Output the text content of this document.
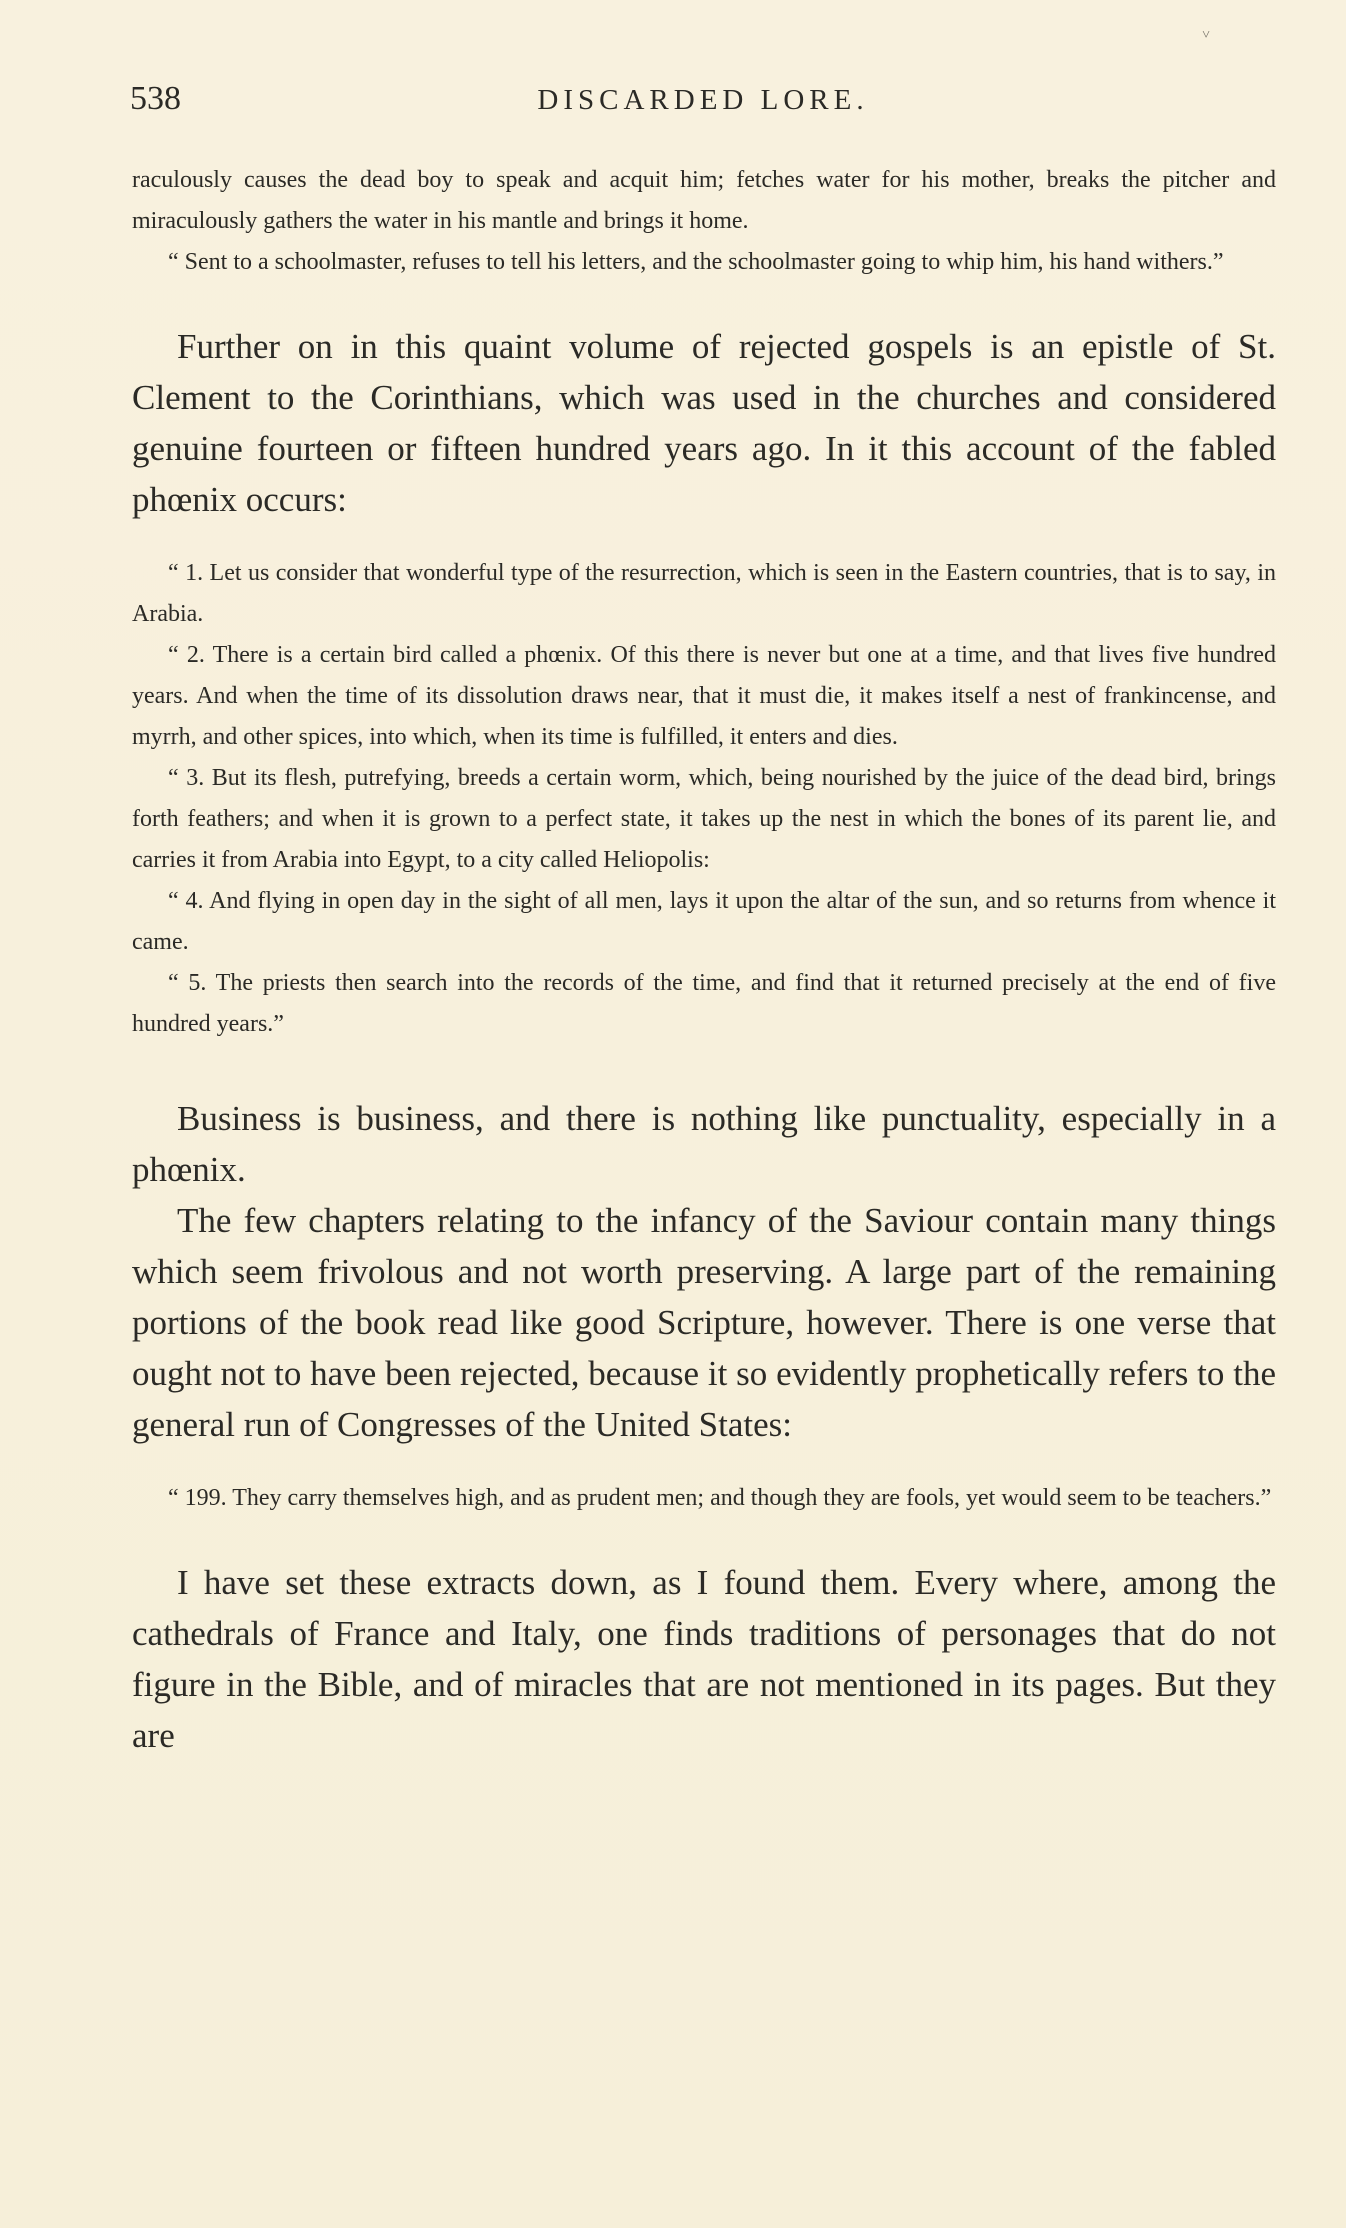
538	DISCARDED LORE.
˅

raculously causes the dead boy to speak and acquit him; fetches water for his mother, breaks the pitcher and miraculously gathers the water in his mantle and brings it home.

“ Sent to a schoolmaster, refuses to tell his letters, and the schoolmaster going to whip him, his hand withers.”

Further on in this quaint volume of rejected gospels is an epistle of St. Clement to the Corinthians, which was used in the churches and considered genuine fourteen or fifteen hundred years ago. In it this account of the fabled phœnix occurs:

“ 1. Let us consider that wonderful type of the resurrection, which is seen in the Eastern countries, that is to say, in Arabia.

“ 2. There is a certain bird called a phœnix. Of this there is never but one at a time, and that lives five hundred years. And when the time of its dissolution draws near, that it must die, it makes itself a nest of frankincense, and myrrh, and other spices, into which, when its time is fulfilled, it enters and dies.

“ 3. But its flesh, putrefying, breeds a certain worm, which, being nourished by the juice of the dead bird, brings forth feathers; and when it is grown to a perfect state, it takes up the nest in which the bones of its parent lie, and carries it from Arabia into Egypt, to a city called Heliopolis:

“ 4. And flying in open day in the sight of all men, lays it upon the altar of the sun, and so returns from whence it came.

“ 5. The priests then search into the records of the time, and find that it returned precisely at the end of five hundred years.”

Business is business, and there is nothing like punctuality, especially in a phœnix.

The few chapters relating to the infancy of the Saviour contain many things which seem frivolous and not worth preserving. A large part of the remaining portions of the book read like good Scripture, however. There is one verse that ought not to have been rejected, because it so evidently prophetically refers to the general run of Congresses of the United States:

“ 199. They carry themselves high, and as prudent men; and though they are fools, yet would seem to be teachers.”

I have set these extracts down, as I found them. Every where, among the cathedrals of France and Italy, one finds traditions of personages that do not figure in the Bible, and of miracles that are not mentioned in its pages. But they are
